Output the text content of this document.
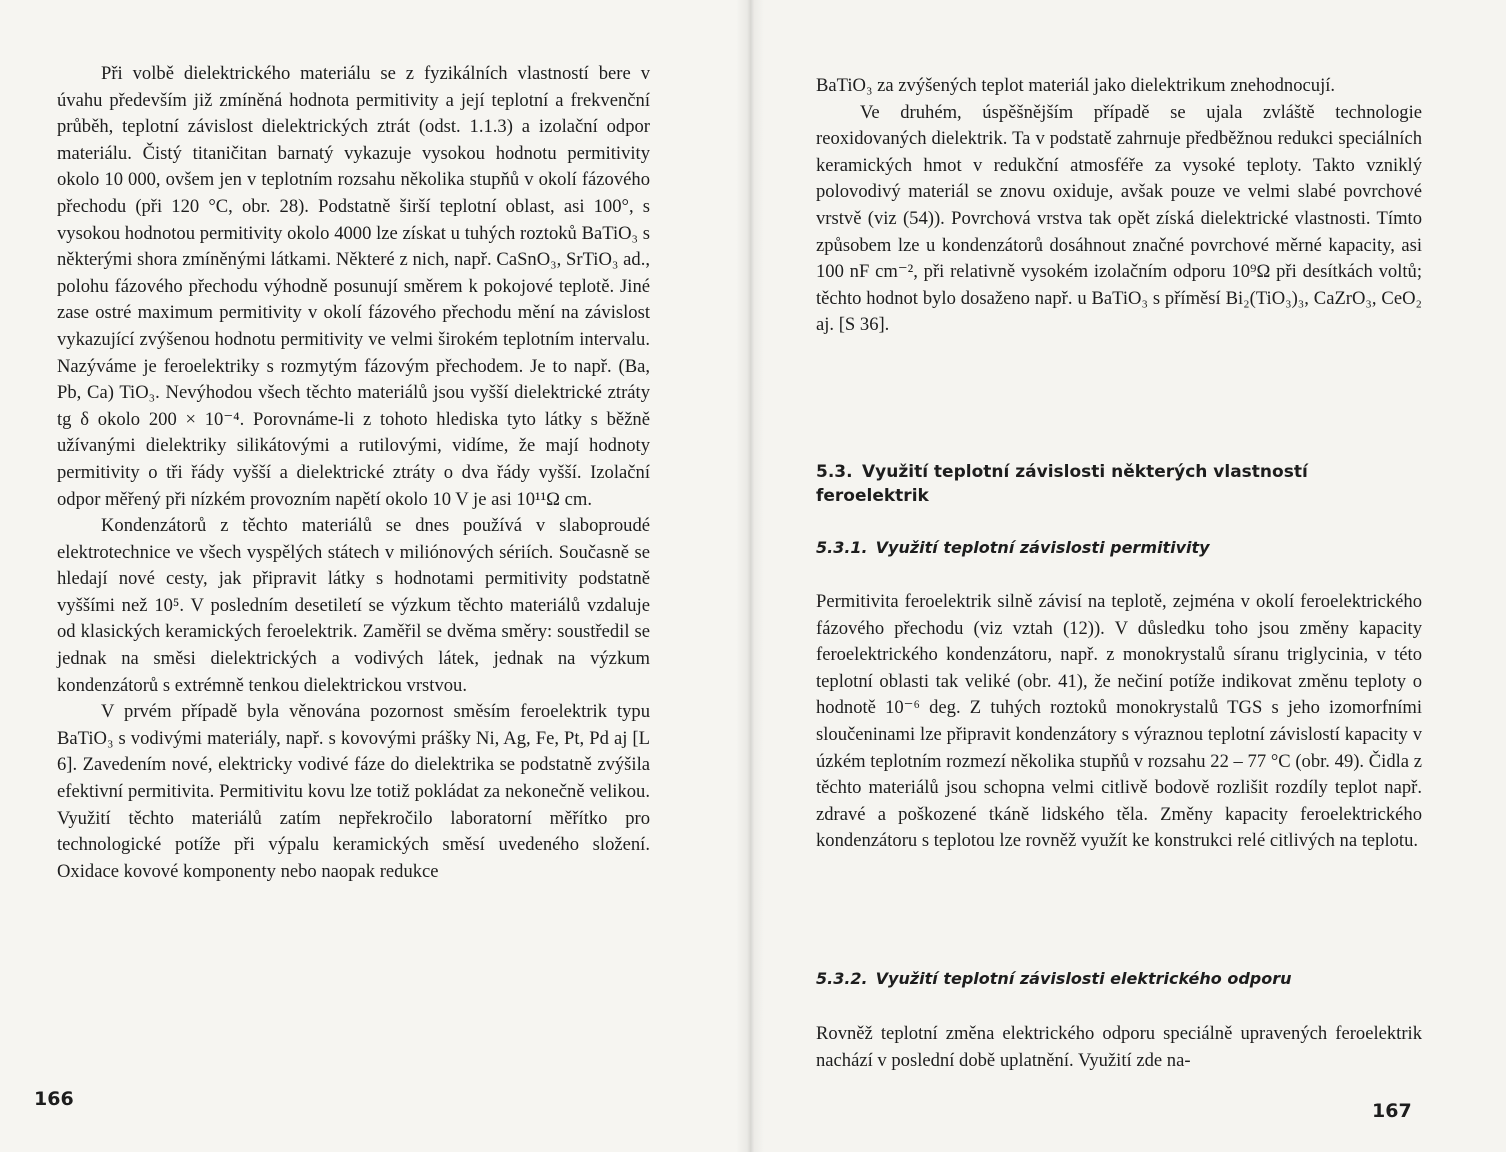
Při volbě dielektrického materiálu se z fyzikálních vlastností bere v úvahu především již zmíněná hodnota permitivity a její teplotní a frekvenční průběh, teplotní závislost dielektrických ztrát (odst. 1.1.3) a izolační odpor materiálu. Čistý titaničitan barnatý vykazuje vysokou hodnotu permitivity okolo 10 000, ovšem jen v teplotním rozsahu několika stupňů v okolí fázového přechodu (při 120 °C, obr. 28). Podstatně širší teplotní oblast, asi 100°, s vysokou hodnotou permitivity okolo 4000 lze získat u tuhých roztoků BaTiO₃ s některými shora zmíněnými látkami. Některé z nich, např. CaSnO₃, SrTiO₃ ad., polohu fázového přechodu výhodně posunují směrem k pokojové teplotě. Jiné zase ostré maximum permitivity v okolí fázového přechodu mění na závislost vykazující zvýšenou hodnotu permitivity ve velmi širokém teplotním intervalu. Nazýváme je feroelektriky s rozmytým fázovým přechodem. Je to např. (Ba, Pb, Ca) TiO₃. Nevýhodou všech těchto materiálů jsou vyšší dielektrické ztráty tg δ okolo 200 × 10⁻⁴. Porovnáme-li z tohoto hlediska tyto látky s běžně užívanými dielektriky silikátovými a rutilovými, vidíme, že mají hodnoty permitivity o tři řády vyšší a dielektrické ztráty o dva řády vyšší. Izolační odpor měřený při nízkém provozním napětí okolo 10 V je asi 10¹¹Ω cm.

Kondenzátorů z těchto materiálů se dnes používá v slaboproudé elektrotechnice ve všech vyspělých státech v miliónových sériích. Současně se hledají nové cesty, jak připravit látky s hodnotami permitivity podstatně vyššími než 10⁵. V posledním desetiletí se výzkum těchto materiálů vzdaluje od klasických keramických feroelektrik. Zaměřil se dvěma směry: soustředil se jednak na směsi dielektrických a vodivých látek, jednak na výzkum kondenzátorů s extrémně tenkou dielektrickou vrstvou.

V prvém případě byla věnována pozornost směsím feroelektrik typu BaTiO₃ s vodivými materiály, např. s kovovými prášky Ni, Ag, Fe, Pt, Pd aj [L 6]. Zavedením nové, elektricky vodivé fáze do dielektrika se podstatně zvýšila efektivní permitivita. Permitivitu kovu lze totiž pokládat za nekonečně velikou. Využití těchto materiálů zatím nepřekročilo laboratorní měřítko pro technologické potíže při výpalu keramických směsí uvedeného složení. Oxidace kovové komponenty nebo naopak redukce

166

BaTiO₃ za zvýšených teplot materiál jako dielektrikum znehodnocují.

Ve druhém, úspěšnějším případě se ujala zvláště technologie reoxidovaných dielektrik. Ta v podstatě zahrnuje předběžnou redukci speciálních keramických hmot v redukční atmosféře za vysoké teploty. Takto vzniklý polovodivý materiál se znovu oxiduje, avšak pouze ve velmi slabé povrchové vrstvě (viz (54)). Povrchová vrstva tak opět získá dielektrické vlastnosti. Tímto způsobem lze u kondenzátorů dosáhnout značné povrchové měrné kapacity, asi 100 nF cm⁻², při relativně vysokém izolačním odporu 10⁹Ω při desítkách voltů; těchto hodnot bylo dosaženo např. u BaTiO₃ s příměsí Bi₂(TiO₃)₃, CaZrO₃, CeO₂ aj. [S 36].

5.3. Využití teplotní závislosti některých vlastností feroelektrik
5.3.1. Využití teplotní závislosti permitivity

Permitivita feroelektrik silně závisí na teplotě, zejména v okolí feroelektrického fázového přechodu (viz vztah (12)). V důsledku toho jsou změny kapacity feroelektrického kondenzátoru, např. z monokrystalů síranu triglycinia, v této teplotní oblasti tak veliké (obr. 41), že nečiní potíže indikovat změnu teploty o hodnotě 10⁻⁶ deg. Z tuhých roztoků monokrystalů TGS s jeho izomorfními sloučeninami lze připravit kondenzátory s výraznou teplotní závislostí kapacity v úzkém teplotním rozmezí několika stupňů v rozsahu 22 – 77 °C (obr. 49). Čidla z těchto materiálů jsou schopna velmi citlivě bodově rozlišit rozdíly teplot např. zdravé a poškozené tkáně lidského těla. Změny kapacity feroelektrického kondenzátoru s teplotou lze rovněž využít ke konstrukci relé citlivých na teplotu.

5.3.2. Využití teplotní závislosti elektrického odporu

Rovněž teplotní změna elektrického odporu speciálně upravených feroelektrik nachází v poslední době uplatnění. Využití zde na-

167
